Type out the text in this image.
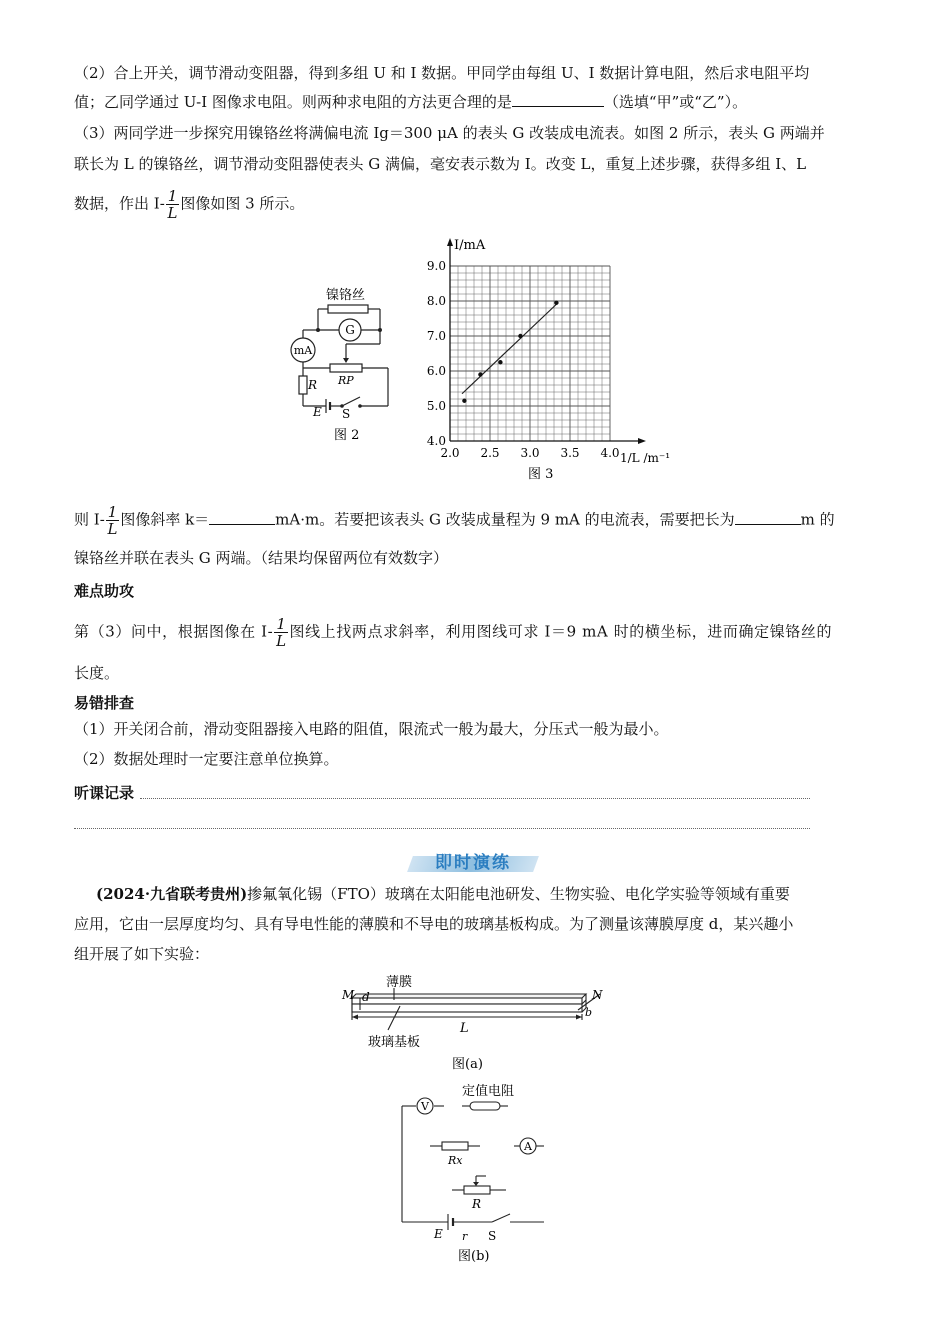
（2）合上开关，调节滑动变阻器，得到多组 U 和 I 数据。甲同学由每组 U、I 数据计算电阻，然后求电阻平均
值；乙同学通过 U-I 图像求电阻。则两种求电阻的方法更合理的是	（选填“甲”或“乙”）。
（3）两同学进一步探究用镍铬丝将满偏电流 Ig＝300 μA 的表头 G 改装成电流表。如图 2 所示，表头 G 两端并
联长为 L 的镍铬丝，调节滑动变阻器使表头 G 满偏，毫安表示数为 I。改变 L，重复上述步骤，获得多组 I、L
数据，作出 $I- \frac{1}{L}$ 图像如图 3 所示。
镍铬丝
G
mA
R RP
E S
图 2
2.0 2.5 3.0 3.5 4.0
4.0
5.0
6.0
7.0
8.0
9.0
I/mA
1/L /m⁻¹
图 3
则 $I- \frac{1}{L}$ 图像斜率 k＝	mA·m。若要把该表头 G 改装成量程为 9 mA 的电流表，需要把长为	m 的
镍铬丝并联在表头 G 两端。（结果均保留两位有效数字）
难点助攻
第（3）问中，根据图像在 $I- \frac{1}{L}$ 图线上找两点求斜率，利用图线可求 I＝9 mA 时的横坐标，进而确定镍铬丝的
长度。
易错排查
（1）开关闭合前，滑动变阻器接入电路的阻值，限流式一般为最大，分压式一般为最小。
（2）数据处理时一定要注意单位换算。
听课记录
即时演练
(2024·九省联考贵州)掺氟氧化锡（FTO）玻璃在太阳能电池研发、生物实验、电化学实验等领域有重要
应用，它由一层厚度均匀、具有导电性能的薄膜和不导电的玻璃基板构成。为了测量该薄膜厚度 d，某兴趣小
组开展了如下实验：
M d
薄膜
N
b
L
玻璃基板
图(a)
V
A
定值电阻
Rx
R
E r S
图(b)
